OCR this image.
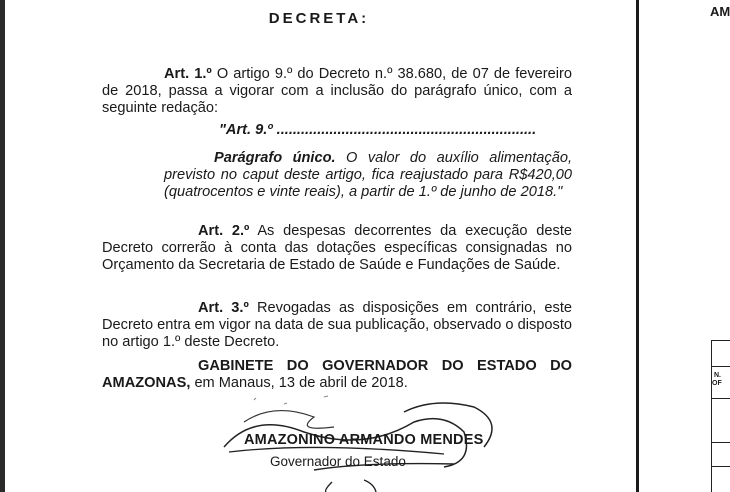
DECRETA:
Art. 1.º O artigo 9.º do Decreto n.º 38.680, de 07 de fevereiro de 2018, passa a vigorar com a inclusão do parágrafo único, com a seguinte redação:
"Art. 9.º ................................................................
Parágrafo único. O valor do auxílio alimentação, previsto no caput deste artigo, fica reajustado para R$420,00 (quatrocentos e vinte reais), a partir de 1.º de junho de 2018."
Art. 2.º As despesas decorrentes da execução deste Decreto correrão à conta das dotações específicas consignadas no Orçamento da Secretaria de Estado de Saúde e Fundações de Saúde.
Art. 3.º Revogadas as disposições em contrário, este Decreto entra em vigor na data de sua publicação, observado o disposto no artigo 1.º deste Decreto.
GABINETE DO GOVERNADOR DO ESTADO DO AMAZONAS, em Manaus, 13 de abril de 2018.
AMAZONINO ARMANDO MENDES
Governador do Estado
AM
N.
OF
